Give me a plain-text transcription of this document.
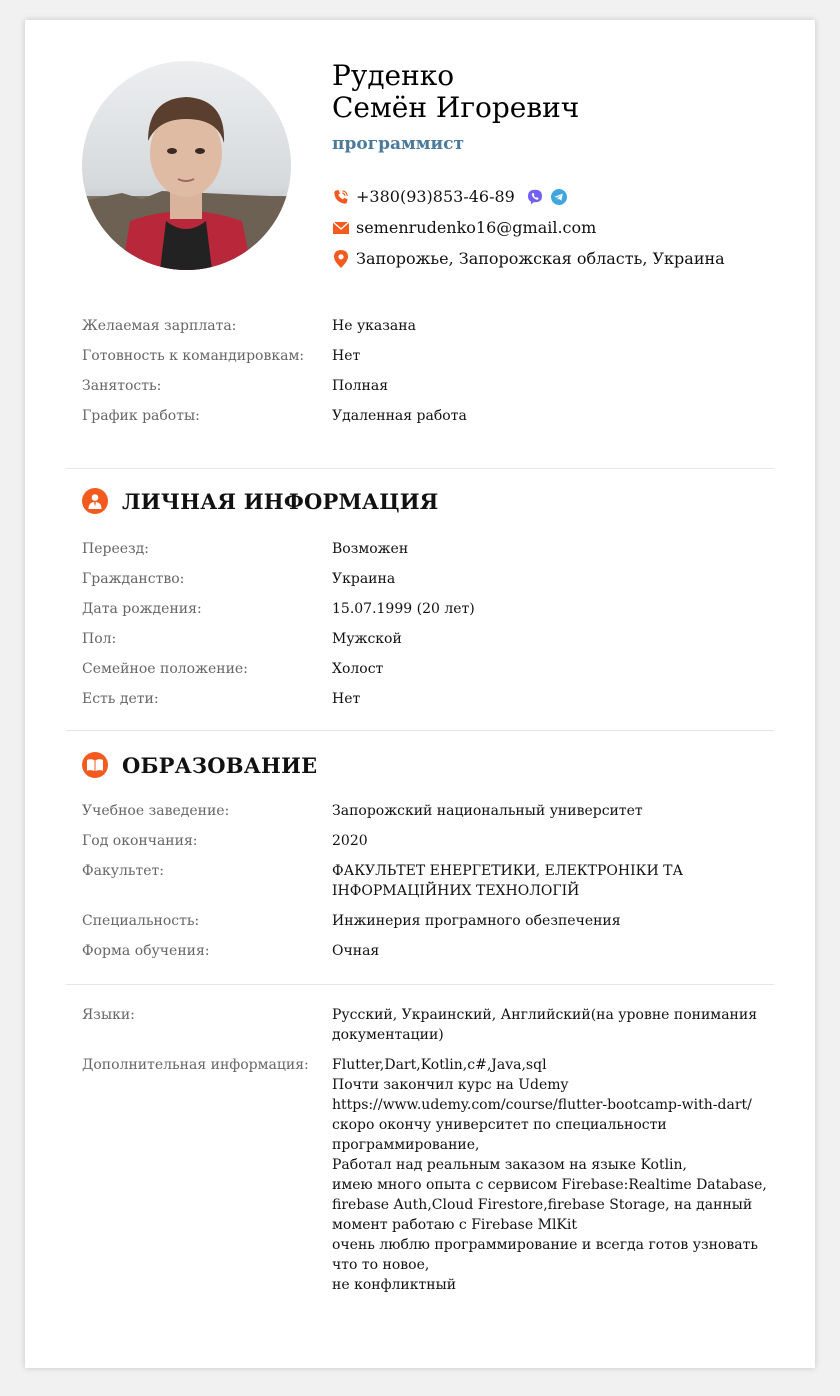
Руденко
Семён Игоревич
программист
+380(93)853-46-89
semenrudenko16@gmail.com
Запорожье, Запорожская область, Украина
Желаемая зарплата:	Не указана
Готовность к командировкам:	Нет
Занятость:	Полная
График работы:	Удаленная работа
ЛИЧНАЯ ИНФОРМАЦИЯ
Переезд:	Возможен
Гражданство:	Украина
Дата рождения:	15.07.1999 (20 лет)
Пол:	Мужской
Семейное положение:	Холост
Есть дети:	Нет
ОБРАЗОВАНИЕ
Учебное заведение:	Запорожский национальный университет
Год окончания:	2020
Факультет:	ФАКУЛЬТЕТ ЕНЕРГЕТИКИ, ЕЛЕКТРОНІКИ ТА ІНФОРМАЦІЙНИХ ТЕХНОЛОГІЙ
Специальность:	Инжинерия програмного обезпечения
Форма обучения:	Очная
Языки:	Русский, Украинский, Английский(на уровне понимания документации)
Дополнительная информация:	Flutter,Dart,Kotlin,c#,Java,sql
Почти закончил курс на Udemy
https://www.udemy.com/course/flutter-bootcamp-with-dart/
скоро окончу университет по специальности программирование,
Работал над реальным заказом на языке Kotlin,
имею много опыта с сервисом Firebase:Realtime Database, firebase Auth,Cloud Firestore,firebase Storage, на данный момент работаю с Firebase MlKit
очень люблю программирование и всегда готов узновать что то новое,
не конфликтный
